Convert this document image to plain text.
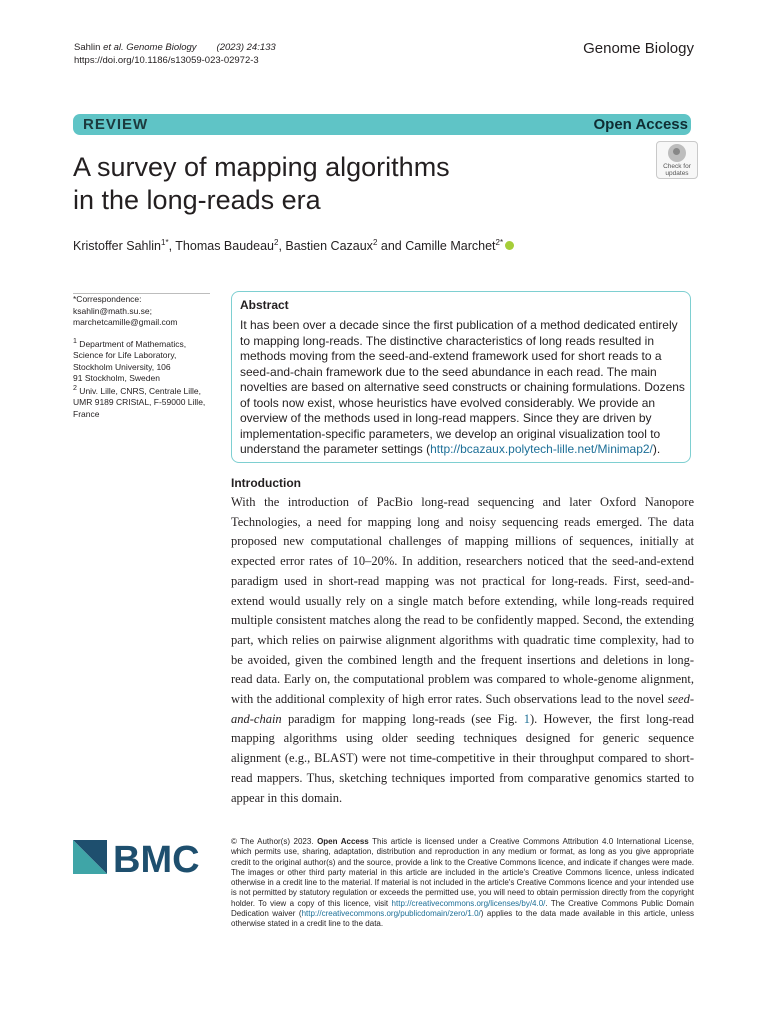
Sahlin et al. Genome Biology (2023) 24:133
https://doi.org/10.1186/s13059-023-02972-3
Genome Biology
REVIEW	Open Access
A survey of mapping algorithms
in the long-reads era
Check for
updates
Kristoffer Sahlin$^{1*}$, Thomas Baudeau$^2$, Bastien Cazaux$^2$ and Camille Marchet$^{2*}$
*Correspondence:
ksahlin@math.su.se;
marchetcamille@gmail.com
$^1$ Department of Mathematics,
Science for Life Laboratory,
Stockholm University, 106
91 Stockholm, Sweden
$^2$ Univ. Lille, CNRS, Centrale Lille,
UMR 9189 CRIStAL, F-59000 Lille,
France
Abstract
It has been over a decade since the first publication of a method dedicated entirely to mapping long-reads. The distinctive characteristics of long reads resulted in methods moving from the seed-and-extend framework used for short reads to a seed-and-chain framework due to the seed abundance in each read. The main novelties are based on alternative seed constructs or chaining formulations. Dozens of tools now exist, whose heuristics have evolved considerably. We provide an overview of the methods used in long-read mappers. Since they are driven by implementation-specific parameters, we develop an original visualization tool to understand the parameter settings (http://bcazaux.polytech-lille.net/Minimap2/).
Introduction
With the introduction of PacBio long-read sequencing and later Oxford Nanopore Technologies, a need for mapping long and noisy sequencing reads emerged. The data proposed new computational challenges of mapping millions of sequences, initially at expected error rates of 10–20%. In addition, researchers noticed that the seed-and-extend paradigm used in short-read mapping was not practical for long-reads. First, seed-and-extend would usually rely on a single match before extending, while long-reads required multiple consistent matches along the read to be confidently mapped. Second, the extending part, which relies on pairwise alignment algorithms with quadratic time complexity, had to be avoided, given the combined length and the frequent insertions and deletions in long-read data. Early on, the computational problem was compared to whole-genome alignment, with the additional complexity of high error rates. Such observations lead to the novel seed-and-chain paradigm for mapping long-reads (see Fig. 1). However, the first long-read mapping algorithms using older seeding techniques designed for generic sequence alignment (e.g., BLAST) were not time-competitive in their throughput compared to short-read mappers. Thus, sketching techniques imported from comparative genomics started to appear in this domain.
BMC	© The Author(s) 2023. Open Access This article is licensed under a Creative Commons Attribution 4.0 International License, which permits use, sharing, adaptation, distribution and reproduction in any medium or format, as long as you give appropriate credit to the original author(s) and the source, provide a link to the Creative Commons licence, and indicate if changes were made. The images or other third party material in this article are included in the article's Creative Commons licence, unless indicated otherwise in a credit line to the material. If material is not included in the article's Creative Commons licence and your intended use is not permitted by statutory regulation or exceeds the permitted use, you will need to obtain permission directly from the copyright holder. To view a copy of this licence, visit http://creativecommons.org/licenses/by/4.0/. The Creative Commons Public Domain Dedication waiver (http://creativecommons.org/publicdomain/zero/1.0/) applies to the data made available in this article, unless otherwise stated in a credit line to the data.
